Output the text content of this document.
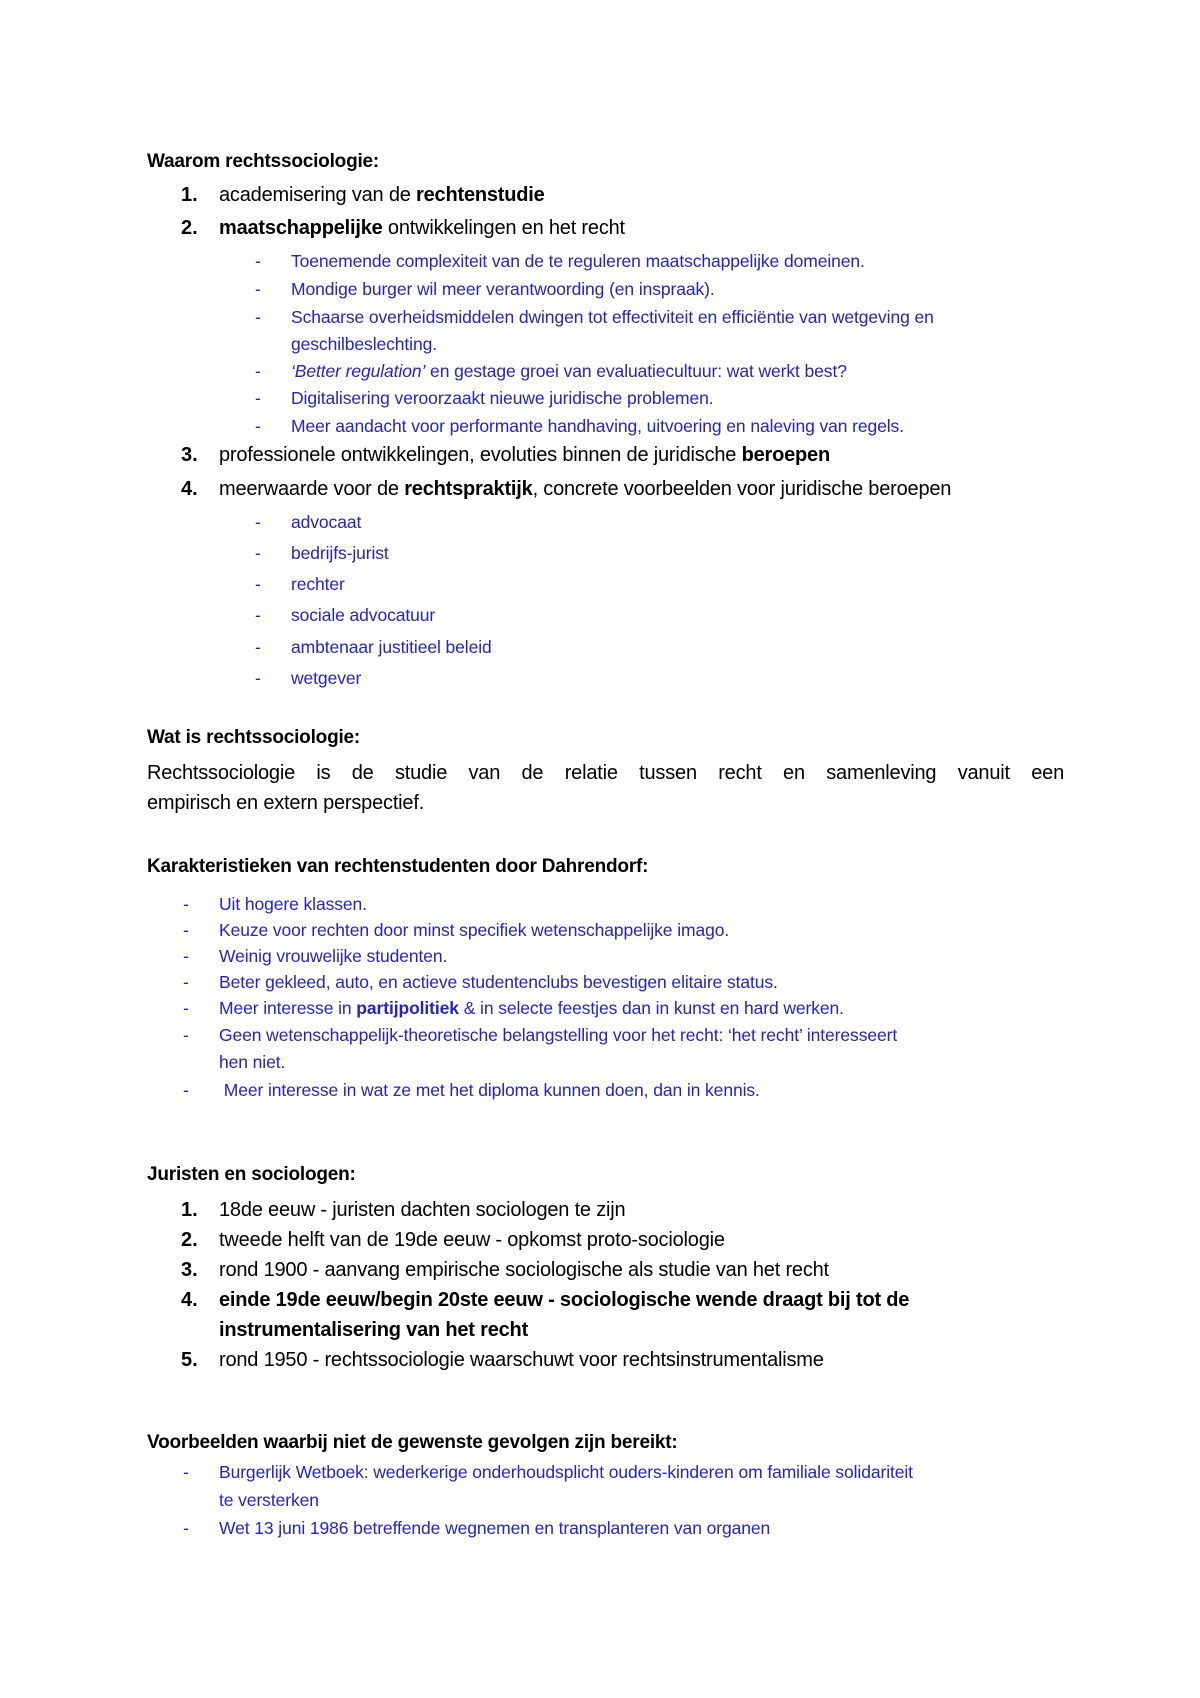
Waarom rechtssociologie:
1. academisering van de rechtenstudie
2. maatschappelijke ontwikkelingen en het recht
- Toenemende complexiteit van de te reguleren maatschappelijke domeinen.
- Mondige burger wil meer verantwoording (en inspraak).
- Schaarse overheidsmiddelen dwingen tot effectiviteit en efficiëntie van wetgeving en
geschilbeslechting.
- ‘Better regulation’ en gestage groei van evaluatiecultuur: wat werkt best?
- Digitalisering veroorzaakt nieuwe juridische problemen.
- Meer aandacht voor performante handhaving, uitvoering en naleving van regels.
3. professionele ontwikkelingen, evoluties binnen de juridische beroepen
4. meerwaarde voor de rechtspraktijk, concrete voorbeelden voor juridische beroepen
- advocaat
- bedrijfs-jurist
- rechter
- sociale advocatuur
- ambtenaar justitieel beleid
- wetgever
Wat is rechtssociologie:
Rechtssociologie is de studie van de relatie tussen recht en samenleving vanuit een
empirisch en extern perspectief.
Karakteristieken van rechtenstudenten door Dahrendorf:
- Uit hogere klassen.
- Keuze voor rechten door minst specifiek wetenschappelijke imago.
- Weinig vrouwelijke studenten.
- Beter gekleed, auto, en actieve studentenclubs bevestigen elitaire status.
- Meer interesse in partijpolitiek & in selecte feestjes dan in kunst en hard werken.
- Geen wetenschappelijk-theoretische belangstelling voor het recht: ‘het recht’ interesseert
hen niet.
- Meer interesse in wat ze met het diploma kunnen doen, dan in kennis.
Juristen en sociologen:
1. 18de eeuw - juristen dachten sociologen te zijn
2. tweede helft van de 19de eeuw - opkomst proto-sociologie
3. rond 1900 - aanvang empirische sociologische als studie van het recht
4. einde 19de eeuw/begin 20ste eeuw - sociologische wende draagt bij tot de
instrumentalisering van het recht
5. rond 1950 - rechtssociologie waarschuwt voor rechtsinstrumentalisme
Voorbeelden waarbij niet de gewenste gevolgen zijn bereikt:
- Burgerlijk Wetboek: wederkerige onderhoudsplicht ouders-kinderen om familiale solidariteit
te versterken
- Wet 13 juni 1986 betreffende wegnemen en transplanteren van organen
